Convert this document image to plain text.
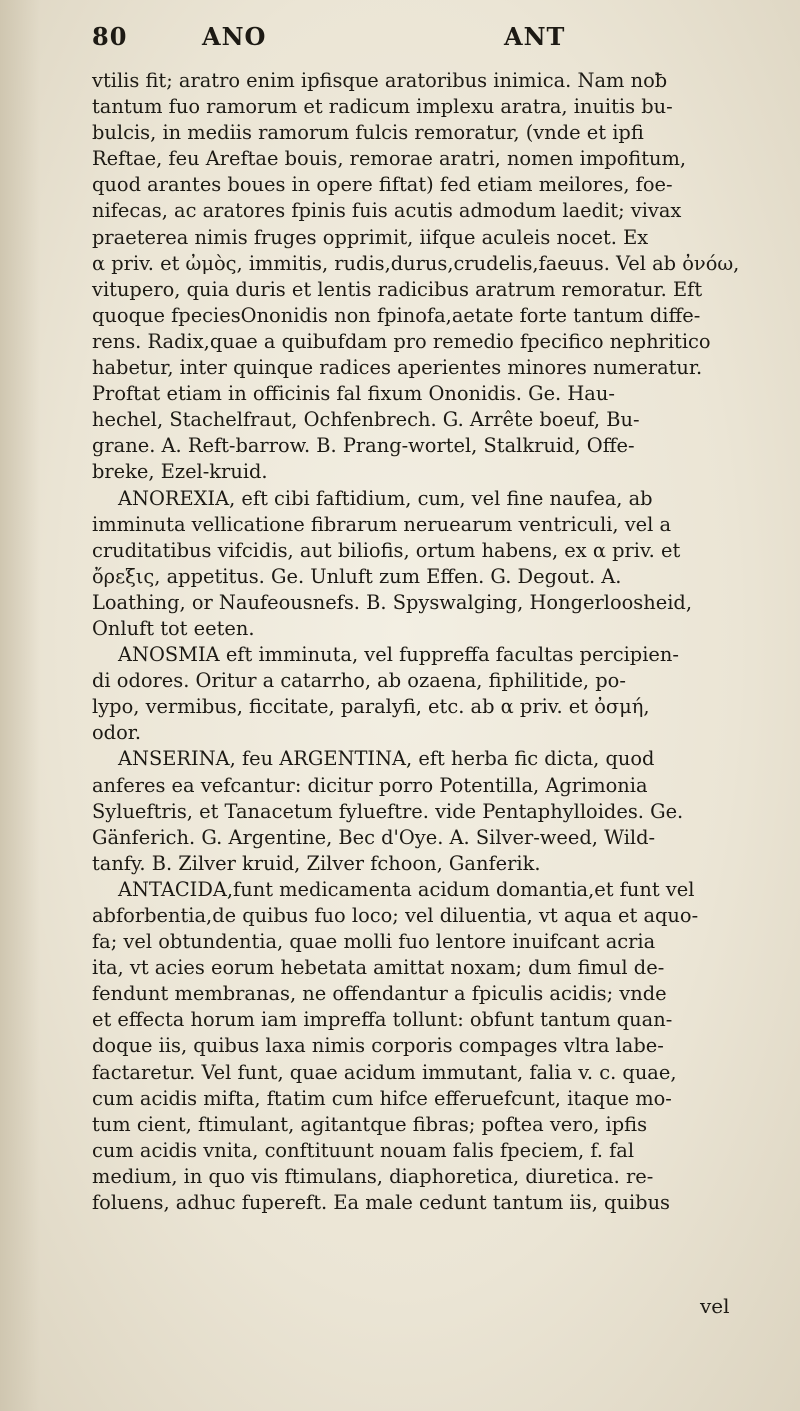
80	ANO	ANT
vtilis fit; aratro enim ipfisque aratoribus inimica. Nam noƀ
tantum fuo ramorum et radicum implexu aratra, inuitis bu-
bulcis, in mediis ramorum fulcis remoratur, (vnde et ipfi
Reftae, feu Areftae bouis, remorae aratri, nomen impofitum,
quod arantes boues in opere fiftat) fed etiam meilores, foe-
nifecas, ac aratores fpinis fuis acutis admodum laedit; vivax
praeterea nimis fruges opprimit, iifque aculeis nocet. Ex
α priv. et ὠμὸς, immitis, rudis,durus,crudelis,faeuus. Vel ab ὀνόω,
vitupero, quia duris et lentis radicibus aratrum remoratur. Eft
quoque fpeciesOnonidis non fpinofa,aetate forte tantum diffe-
rens. Radix,quae a quibufdam pro remedio fpecifico nephritico
habetur, inter quinque radices aperientes minores numeratur.
Proftat etiam in officinis fal fixum Ononidis. Ge. Hau-
hechel, Stachelfraut, Ochfenbrech. G. Arrête boeuf, Bu-
grane. A. Reft-barrow. B. Prang-wortel, Stalkruid, Offe-
breke, Ezel-kruid.
ANOREXIA, eft cibi faftidium, cum, vel fine naufea, ab
imminuta vellicatione fibrarum neruearum ventriculi, vel a
cruditatibus vifcidis, aut biliofis, ortum habens, ex α priv. et
ὄρεξις, appetitus. Ge. Unluft zum Effen. G. Degout. A.
Loathing, or Naufeousnefs. B. Spyswalging, Hongerloosheid,
Onluft tot eeten.
ANOSMIA eft imminuta, vel fuppreffa facultas percipien-
di odores. Oritur a catarrho, ab ozaena, fiphilitide, po-
lypo, vermibus, ficcitate, paralyfi, etc. ab α priv. et ὀσμή,
odor.
ANSERINA, feu ARGENTINA, eft herba fic dicta, quod
anferes ea vefcantur: dicitur porro Potentilla, Agrimonia
Sylueftris, et Tanacetum fylueftre. vide Pentaphylloides. Ge.
Gänferich. G. Argentine, Bec d'Oye. A. Silver-weed, Wild-
tanfy. B. Zilver kruid, Zilver fchoon, Ganferik.
ANTACIDA,funt medicamenta acidum domantia,et funt vel
abforbentia,de quibus fuo loco; vel diluentia, vt aqua et aquo-
fa; vel obtundentia, quae molli fuo lentore inuifcant acria
ita, vt acies eorum hebetata amittat noxam; dum fimul de-
fendunt membranas, ne offendantur a fpiculis acidis; vnde
et effecta horum iam impreffa tollunt: obfunt tantum quan-
doque iis, quibus laxa nimis corporis compages vltra labe-
factaretur. Vel funt, quae acidum immutant, falia v. c. quae,
cum acidis mifta, ftatim cum hifce efferuefcunt, itaque mo-
tum cient, ftimulant, agitantque fibras; poftea vero, ipfis
cum acidis vnita, conftituunt nouam falis fpeciem, f. fal
medium, in quo vis ftimulans, diaphoretica, diuretica. re-
foluens, adhuc fupereft. Ea male cedunt tantum iis, quibus
vel
